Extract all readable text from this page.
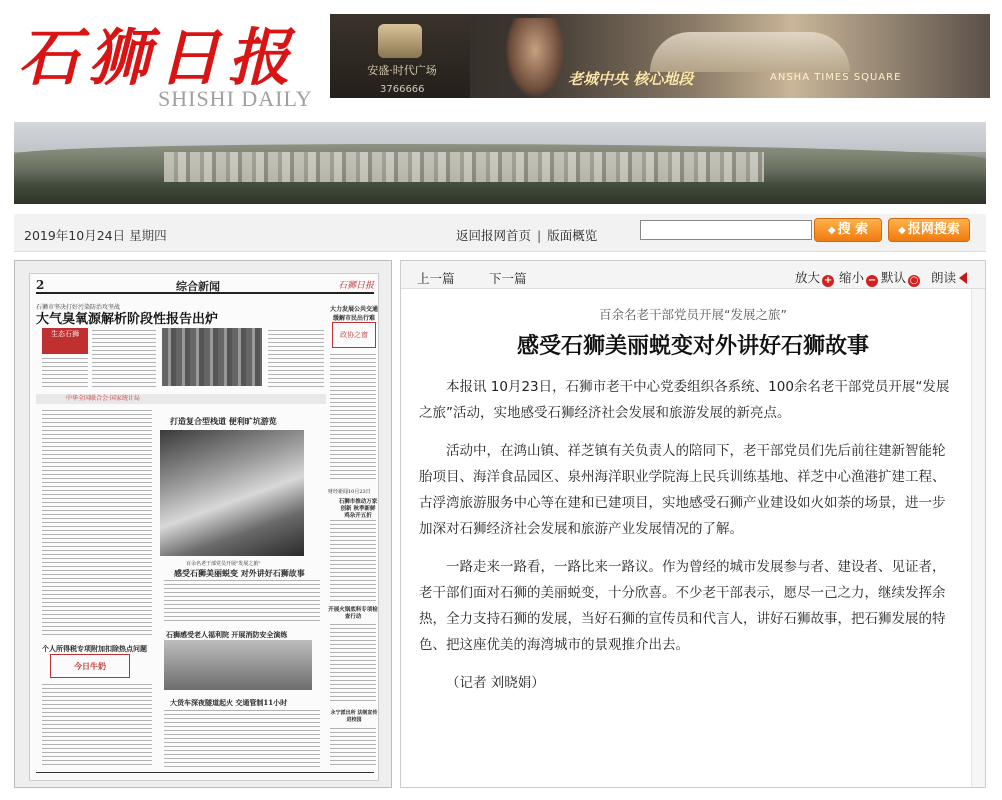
石狮日报
SHISHI DAILY
安盛·时代广场
3766666
老城中央 核心地段	ANSHA TIMES SQUARE
2019年10月24日 星期四	返回报网首页 | 版面概览	◆ 搜 索	◆ 报网搜索
2	综合新闻	石狮日报
石狮市坚决打好污染防治攻坚战
大气臭氧源解析阶段性报告出炉
生态石狮
大力发展公共交通 缓解市民出行难
政协之窗
中华全国联合会·国家统计局
打造复合型栈道 便利旷坑游览
百余名老干部党员开展"发展之旅"
感受石狮美丽蜕变 对外讲好石狮故事
财经新闻10月23日
石狮市推动万家创新 秋季新鲜鸡杂开五折
开展火锅底料专项检查行动
个人所得税专项附加扣除热点问题
今日牛奶
石狮感受老人福利院 开展消防安全演练
大货车深夜隧道起火 交通管制11小时
永宁派出所 法制宣传进校园
上一篇	下一篇	放大 + 缩小 − 默认 ○ 朗读
百余名老干部党员开展“发展之旅”
感受石狮美丽蜕变对外讲好石狮故事

本报讯 10月23日，石狮市老干中心党委组织各系统、100余名老干部党员开展“发展之旅”活动，实地感受石狮经济社会发展和旅游发展的新亮点。

活动中，在鸿山镇、祥芝镇有关负责人的陪同下，老干部党员们先后前往建新智能轮胎项目、海洋食品园区、泉州海洋职业学院海上民兵训练基地、祥芝中心渔港扩建工程、古浮湾旅游服务中心等在建和已建项目，实地感受石狮产业建设如火如荼的场景，进一步加深对石狮经济社会发展和旅游产业发展情况的了解。

一路走来一路看，一路比来一路议。作为曾经的城市发展参与者、建设者、见证者，老干部们面对石狮的美丽蜕变，十分欣喜。不少老干部表示，愿尽一己之力，继续发挥余热，全力支持石狮的发展，当好石狮的宣传员和代言人，讲好石狮故事，把石狮发展的特色、把这座优美的海湾城市的景观推介出去。

（记者 刘晓娟）
